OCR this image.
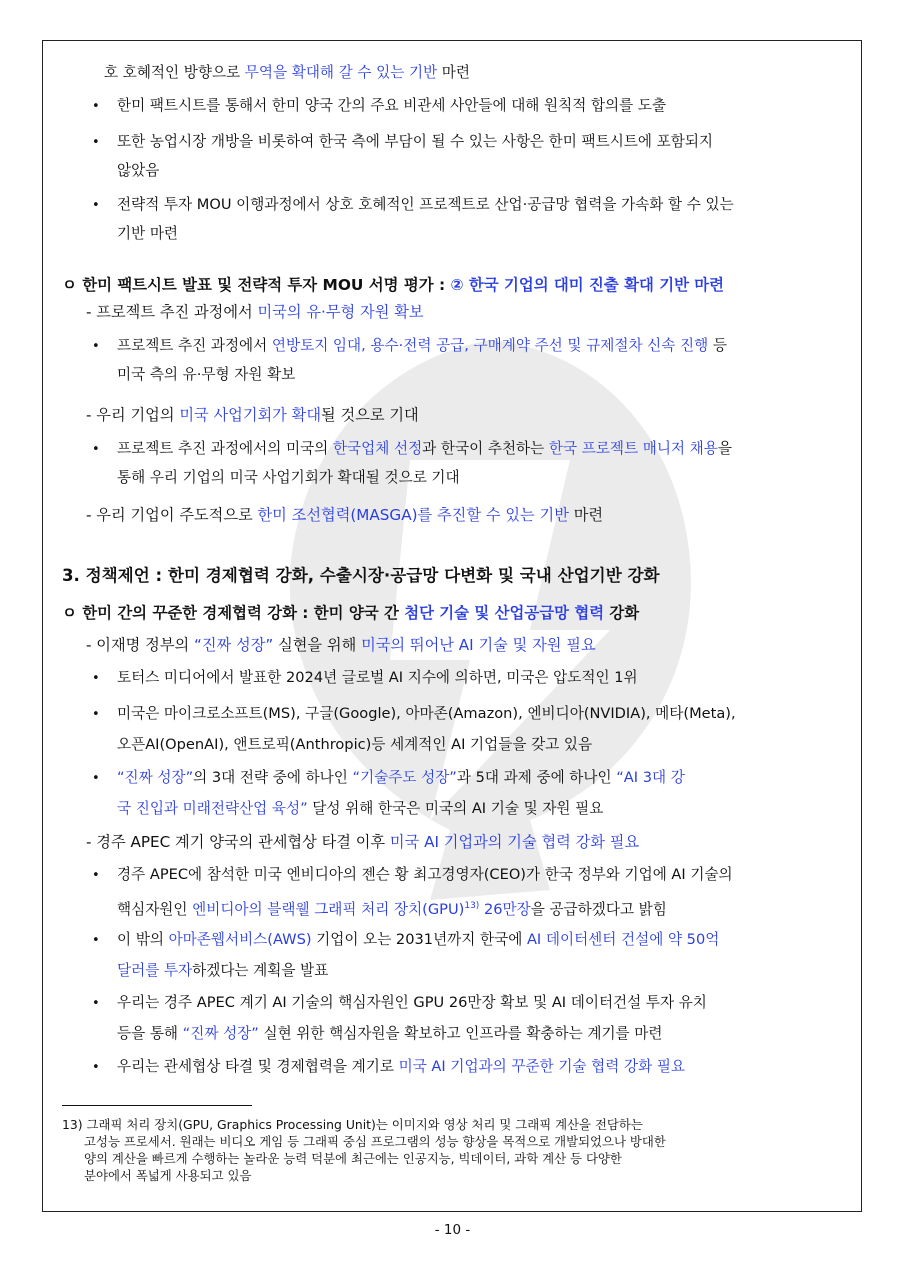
호 호혜적인 방향으로 무역을 확대해 갈 수 있는 기반 마련
• 한미 팩트시트를 통해서 한미 양국 간의 주요 비관세 사안들에 대해 원칙적 합의를 도출
• 또한 농업시장 개방을 비롯하여 한국 측에 부담이 될 수 있는 사항은 한미 팩트시트에 포함되지
않았음
• 전략적 투자 MOU 이행과정에서 상호 호혜적인 프로젝트로 산업·공급망 협력을 가속화 할 수 있는
기반 마련
ㅇ 한미 팩트시트 발표 및 전략적 투자 MOU 서명 평가 : ② 한국 기업의 대미 진출 확대 기반 마련
- 프로젝트 추진 과정에서 미국의 유·무형 자원 확보
• 프로젝트 추진 과정에서 연방토지 임대, 용수·전력 공급, 구매계약 주선 및 규제절차 신속 진행 등
미국 측의 유·무형 자원 확보
- 우리 기업의 미국 사업기회가 확대될 것으로 기대
• 프로젝트 추진 과정에서의 미국의 한국업체 선정과 한국이 추천하는 한국 프로젝트 매니저 채용을
통해 우리 기업의 미국 사업기회가 확대될 것으로 기대
- 우리 기업이 주도적으로 한미 조선협력(MASGA)를 추진할 수 있는 기반 마련
3. 정책제언 : 한미 경제협력 강화, 수출시장·공급망 다변화 및 국내 산업기반 강화
ㅇ 한미 간의 꾸준한 경제협력 강화 : 한미 양국 간 첨단 기술 및 산업공급망 협력 강화
- 이재명 정부의 “진짜 성장” 실현을 위해 미국의 뛰어난 AI 기술 및 자원 필요
• 토터스 미디어에서 발표한 2024년 글로벌 AI 지수에 의하면, 미국은 압도적인 1위
• 미국은 마이크로소프트(MS), 구글(Google), 아마존(Amazon), 엔비디아(NVIDIA), 메타(Meta),
오픈AI(OpenAI), 앤트로픽(Anthropic)등 세계적인 AI 기업들을 갖고 있음
• “진짜 성장”의 3대 전략 중에 하나인 “기술주도 성장”과 5대 과제 중에 하나인 “AI 3대 강
국 진입과 미래전략산업 육성” 달성 위해 한국은 미국의 AI 기술 및 자원 필요
- 경주 APEC 계기 양국의 관세협상 타결 이후 미국 AI 기업과의 기술 협력 강화 필요
• 경주 APEC에 참석한 미국 엔비디아의 젠슨 황 최고경영자(CEO)가 한국 정부와 기업에 AI 기술의
핵심자원인 엔비디아의 블랙웰 그래픽 처리 장치(GPU)$^{13)}$ 26만장을 공급하겠다고 밝힘
• 이 밖의 아마존웹서비스(AWS) 기업이 오는 2031년까지 한국에 AI 데이터센터 건설에 약 50억
달러를 투자하겠다는 계획을 발표
• 우리는 경주 APEC 계기 AI 기술의 핵심자원인 GPU 26만장 확보 및 AI 데이터건설 투자 유치
등을 통해 “진짜 성장” 실현 위한 핵심자원을 확보하고 인프라를 확충하는 계기를 마련
• 우리는 관세협상 타결 및 경제협력을 계기로 미국 AI 기업과의 꾸준한 기술 협력 강화 필요
13) 그래픽 처리 장치(GPU, Graphics Processing Unit)는 이미지와 영상 처리 및 그래픽 계산을 전담하는
고성능 프로세서. 원래는 비디오 게임 등 그래픽 중심 프로그램의 성능 향상을 목적으로 개발되었으나 방대한
양의 계산을 빠르게 수행하는 놀라운 능력 덕분에 최근에는 인공지능, 빅데이터, 과학 계산 등 다양한
분야에서 폭넓게 사용되고 있음
- 10 -
